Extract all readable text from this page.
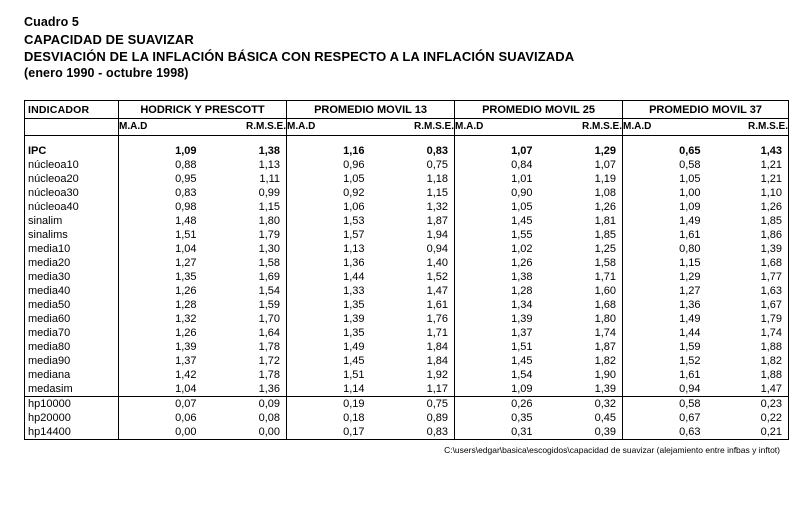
Cuadro 5
CAPACIDAD DE SUAVIZAR
DESVIACIÓN DE LA INFLACIÓN BÁSICA CON RESPECTO A LA INFLACIÓN SUAVIZADA
(enero 1990 - octubre 1998)
INDICADOR	HODRICK Y PRESCOTT		PROMEDIO MOVIL 13		PROMEDIO MOVIL 25		PROMEDIO MOVIL 37	
	M.A.D	R.M.S.E.	M.A.D	R.M.S.E.	M.A.D	R.M.S.E.	M.A.D	R.M.S.E.

IPC	1,09	1,38	1,16	0,83	1,07	1,29	0,65	1,43
núcleoa10	0,88	1,13	0,96	0,75	0,84	1,07	0,58	1,21
núcleoa20	0,95	1,11	1,05	1,18	1,01	1,19	1,05	1,21
núcleoa30	0,83	0,99	0,92	1,15	0,90	1,08	1,00	1,10
núcleoa40	0,98	1,15	1,06	1,32	1,05	1,26	1,09	1,26
sinalim	1,48	1,80	1,53	1,87	1,45	1,81	1,49	1,85
sinalims	1,51	1,79	1,57	1,94	1,55	1,85	1,61	1,86
media10	1,04	1,30	1,13	0,94	1,02	1,25	0,80	1,39
media20	1,27	1,58	1,36	1,40	1,26	1,58	1,15	1,68
media30	1,35	1,69	1,44	1,52	1,38	1,71	1,29	1,77
media40	1,26	1,54	1,33	1,47	1,28	1,60	1,27	1,63
media50	1,28	1,59	1,35	1,61	1,34	1,68	1,36	1,67
media60	1,32	1,70	1,39	1,76	1,39	1,80	1,49	1,79
media70	1,26	1,64	1,35	1,71	1,37	1,74	1,44	1,74
media80	1,39	1,78	1,49	1,84	1,51	1,87	1,59	1,88
media90	1,37	1,72	1,45	1,84	1,45	1,82	1,52	1,82
mediana	1,42	1,78	1,51	1,92	1,54	1,90	1,61	1,88
medasim	1,04	1,36	1,14	1,17	1,09	1,39	0,94	1,47
hp10000	0,07	0,09	0,19	0,75	0,26	0,32	0,58	0,23
hp20000	0,06	0,08	0,18	0,89	0,35	0,45	0,67	0,22
hp14400	0,00	0,00	0,17	0,83	0,31	0,39	0,63	0,21
C:\users\edgar\basica\escogidos\capacidad de suavizar (alejamiento entre infbas y inftot)
